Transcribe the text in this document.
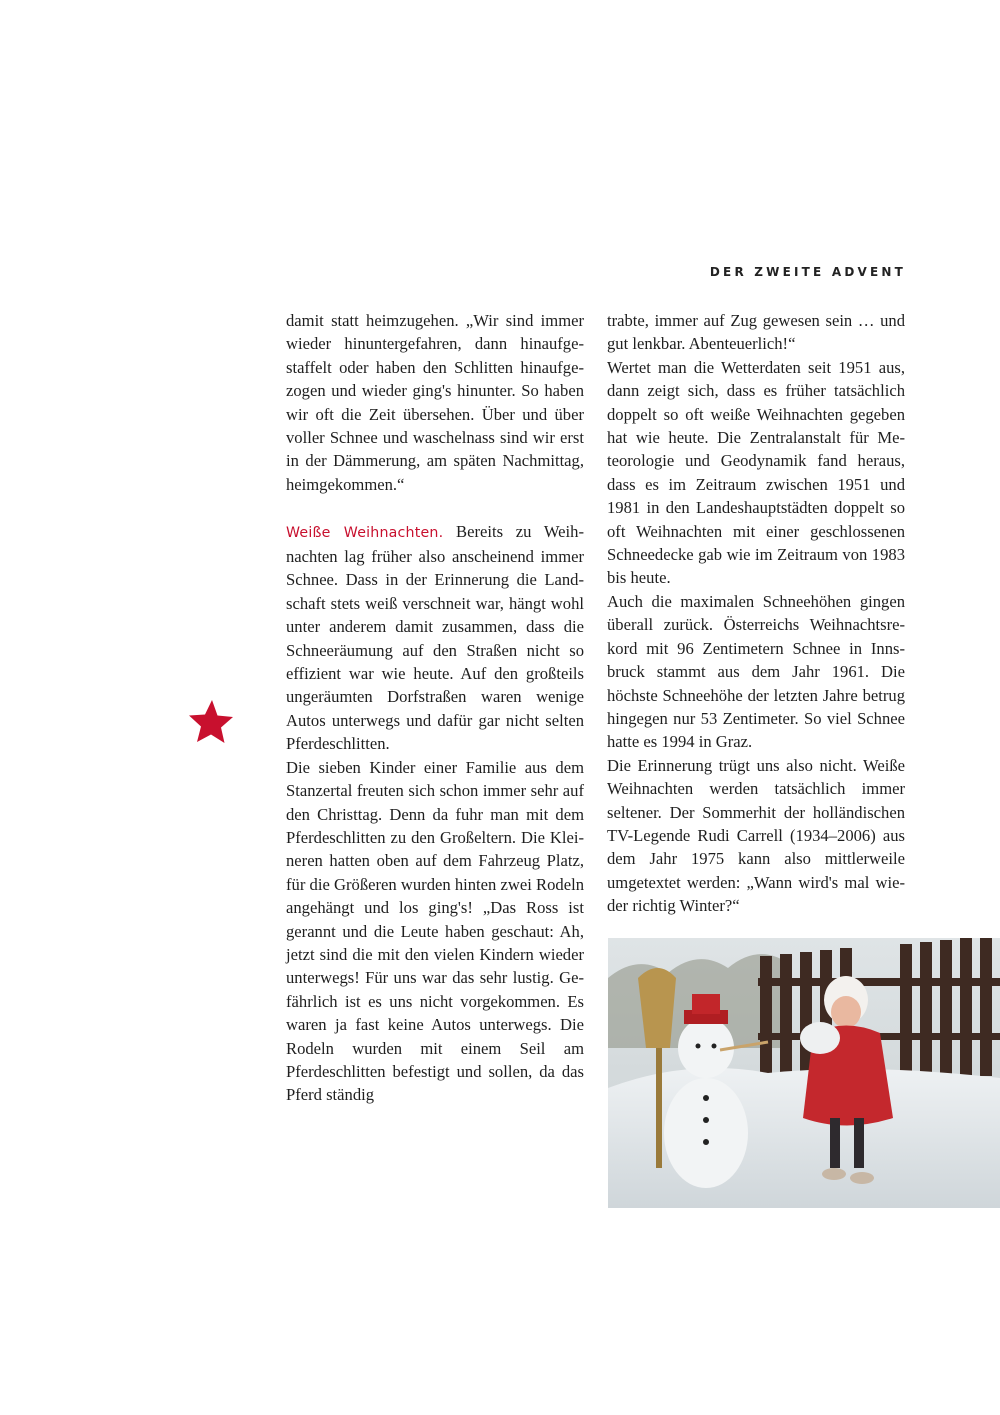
DER ZWEITE ADVENT

damit statt heimzugehen. „Wir sind immer wieder hinuntergefahren, dann hinaufgestaffelt oder haben den Schlitten hinaufgezogen und wieder ging's hinunter. So haben wir oft die Zeit übersehen. Über und über voller Schnee und waschelnass sind wir erst in der Dämmerung, am späten Nachmittag, heimgekommen.“

Weiße Weihnachten. Bereits zu Weihnachten lag früher also anscheinend immer Schnee. Dass in der Erinnerung die Landschaft stets weiß verschneit war, hängt wohl unter anderem damit zusammen, dass die Schneeräumung auf den Straßen nicht so effizient war wie heute. Auf den großteils ungeräumten Dorfstraßen waren wenige Autos unterwegs und dafür gar nicht selten Pferdeschlitten.

Die sieben Kinder einer Familie aus dem Stanzertal freuten sich schon immer sehr auf den Christtag. Denn da fuhr man mit dem Pferdeschlitten zu den Großeltern. Die Kleineren hatten oben auf dem Fahrzeug Platz, für die Größeren wurden hinten zwei Rodeln angehängt und los ging's! „Das Ross ist gerannt und die Leute haben geschaut: Ah, jetzt sind die mit den vielen Kindern wieder unterwegs! Für uns war das sehr lustig. Gefährlich ist es uns nicht vorgekommen. Es waren ja fast keine Autos unterwegs. Die Rodeln wurden mit einem Seil am Pferdeschlitten befestigt und sollen, da das Pferd ständig

trabte, immer auf Zug gewesen sein … und gut lenkbar. Abenteuerlich!“

Wertet man die Wetterdaten seit 1951 aus, dann zeigt sich, dass es früher tatsächlich doppelt so oft weiße Weihnachten gegeben hat wie heute. Die Zentralanstalt für Meteorologie und Geodynamik fand heraus, dass es im Zeitraum zwischen 1951 und 1981 in den Landeshauptstädten doppelt so oft Weihnachten mit einer geschlossenen Schneedecke gab wie im Zeitraum von 1983 bis heute.

Auch die maximalen Schneehöhen gingen überall zurück. Österreichs Weihnachtsrekord mit 96 Zentimetern Schnee in Innsbruck stammt aus dem Jahr 1961. Die höchste Schneehöhe der letzten Jahre betrug hingegen nur 53 Zentimeter. So viel Schnee hatte es 1994 in Graz.

Die Erinnerung trügt uns also nicht. Weiße Weihnachten werden tatsächlich immer seltener. Der Sommerhit der holländischen TV-Legende Rudi Carrell (1934–2006) aus dem Jahr 1975 kann also mittlerweile umgetextet werden: „Wann wird's mal wieder richtig Winter?“
